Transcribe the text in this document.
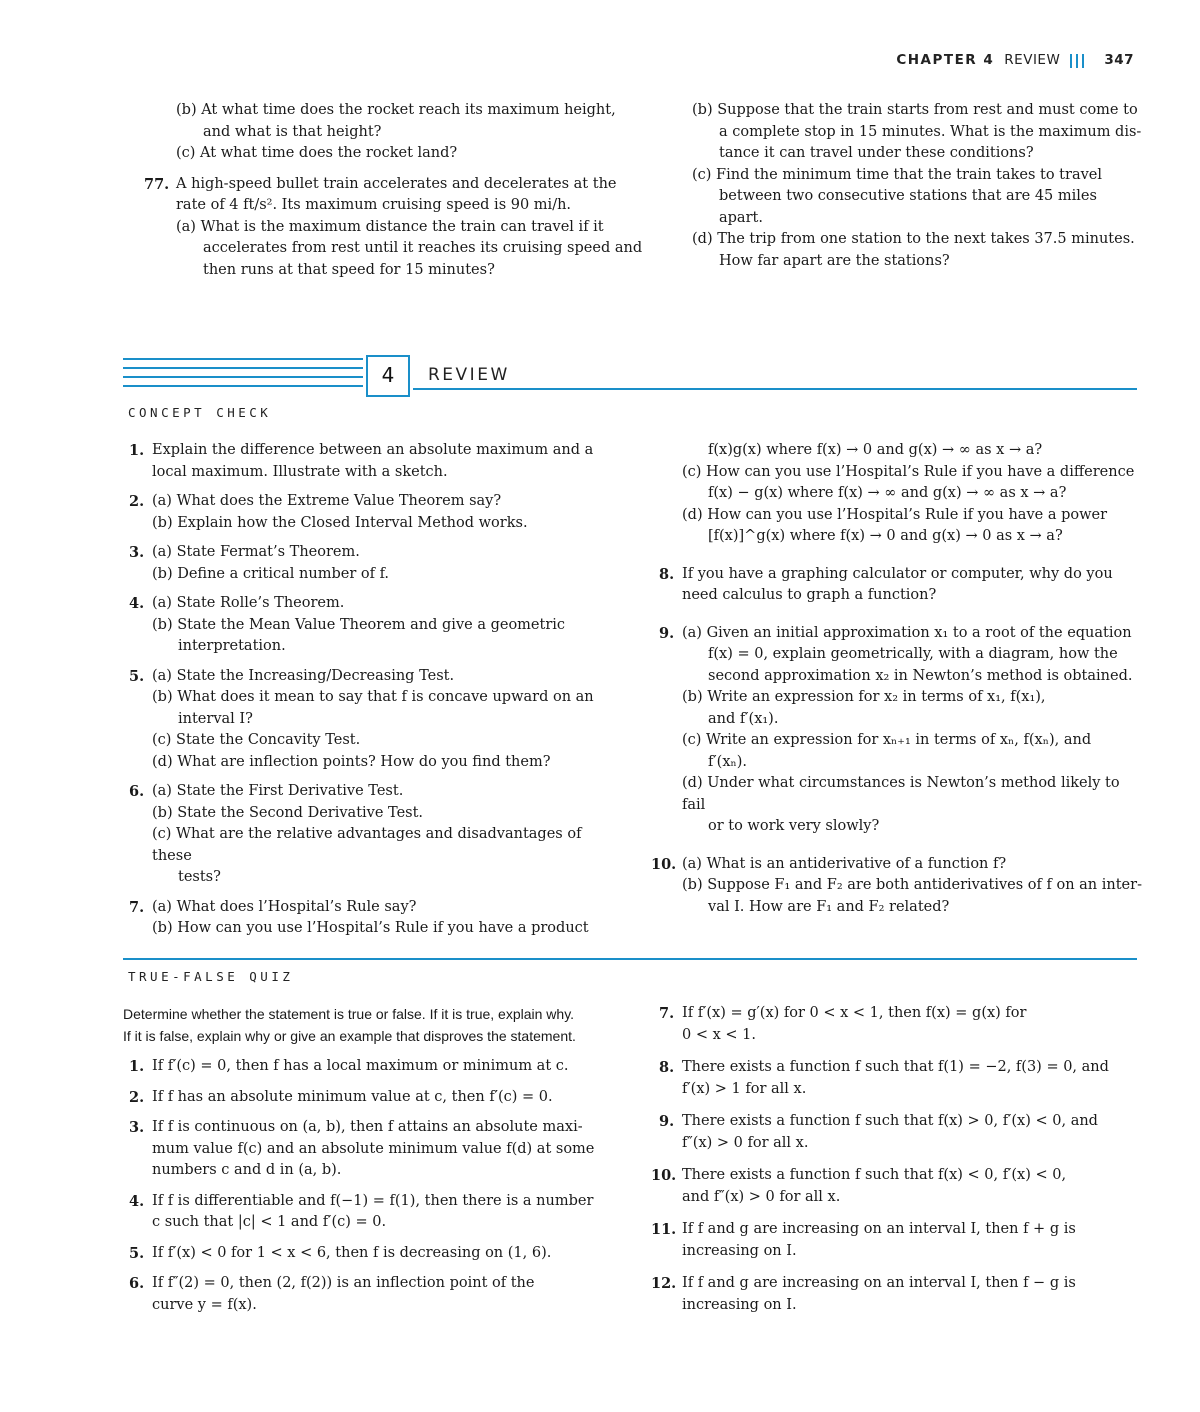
CHAPTER 4 REVIEW	347

(b) At what time does the rocket reach its maximum height,

and what is that height?

(c) At what time does the rocket land?

77. A high-speed bullet train accelerates and decelerates at the

rate of 4 ft/s². Its maximum cruising speed is 90 mi/h.

(a) What is the maximum distance the train can travel if it

accelerates from rest until it reaches its cruising speed and

then runs at that speed for 15 minutes?

(b) Suppose that the train starts from rest and must come to

a complete stop in 15 minutes. What is the maximum dis-

tance it can travel under these conditions?

(c) Find the minimum time that the train takes to travel

between two consecutive stations that are 45 miles apart.

(d) The trip from one station to the next takes 37.5 minutes.

How far apart are the stations?

4	REVIEW
CONCEPT CHECK
1. Explain the difference between an absolute maximum and a

local maximum. Illustrate with a sketch.

2. (a) What does the Extreme Value Theorem say?

(b) Explain how the Closed Interval Method works.

3. (a) State Fermat’s Theorem.

(b) Define a critical number of f.

4. (a) State Rolle’s Theorem.

(b) State the Mean Value Theorem and give a geometric

interpretation.

5. (a) State the Increasing/Decreasing Test.

(b) What does it mean to say that f is concave upward on an

interval I?

(c) State the Concavity Test.

(d) What are inflection points? How do you find them?

6. (a) State the First Derivative Test.

(b) State the Second Derivative Test.

(c) What are the relative advantages and disadvantages of these

tests?

7. (a) What does l’Hospital’s Rule say?

(b) How can you use l’Hospital’s Rule if you have a product

f(x)g(x) where f(x) → 0 and g(x) → ∞ as x → a?

(c) How can you use l’Hospital’s Rule if you have a difference

f(x) − g(x) where f(x) → ∞ and g(x) → ∞ as x → a?

(d) How can you use l’Hospital’s Rule if you have a power

[f(x)]^g(x) where f(x) → 0 and g(x) → 0 as x → a?

8. If you have a graphing calculator or computer, why do you

need calculus to graph a function?

9. (a) Given an initial approximation x₁ to a root of the equation

f(x) = 0, explain geometrically, with a diagram, how the

second approximation x₂ in Newton’s method is obtained.

(b) Write an expression for x₂ in terms of x₁, f(x₁),

and f′(x₁).

(c) Write an expression for xₙ₊₁ in terms of xₙ, f(xₙ), and

f′(xₙ).

(d) Under what circumstances is Newton’s method likely to fail

or to work very slowly?

10. (a) What is an antiderivative of a function f?

(b) Suppose F₁ and F₂ are both antiderivatives of f on an inter-

val I. How are F₁ and F₂ related?

TRUE-FALSE QUIZ

Determine whether the statement is true or false. If it is true, explain why.

If it is false, explain why or give an example that disproves the statement.

1. If f′(c) = 0, then f has a local maximum or minimum at c.

2. If f has an absolute minimum value at c, then f′(c) = 0.

3. If f is continuous on (a, b), then f attains an absolute maxi-

mum value f(c) and an absolute minimum value f(d) at some

numbers c and d in (a, b).

4. If f is differentiable and f(−1) = f(1), then there is a number

c such that |c| < 1 and f′(c) = 0.

5. If f′(x) < 0 for 1 < x < 6, then f is decreasing on (1, 6).

6. If f″(2) = 0, then (2, f(2)) is an inflection point of the

curve y = f(x).

7. If f′(x) = g′(x) for 0 < x < 1, then f(x) = g(x) for

0 < x < 1.

8. There exists a function f such that f(1) = −2, f(3) = 0, and

f′(x) > 1 for all x.

9. There exists a function f such that f(x) > 0, f′(x) < 0, and

f″(x) > 0 for all x.

10. There exists a function f such that f(x) < 0, f′(x) < 0,

and f″(x) > 0 for all x.

11. If f and g are increasing on an interval I, then f + g is

increasing on I.

12. If f and g are increasing on an interval I, then f − g is

increasing on I.
